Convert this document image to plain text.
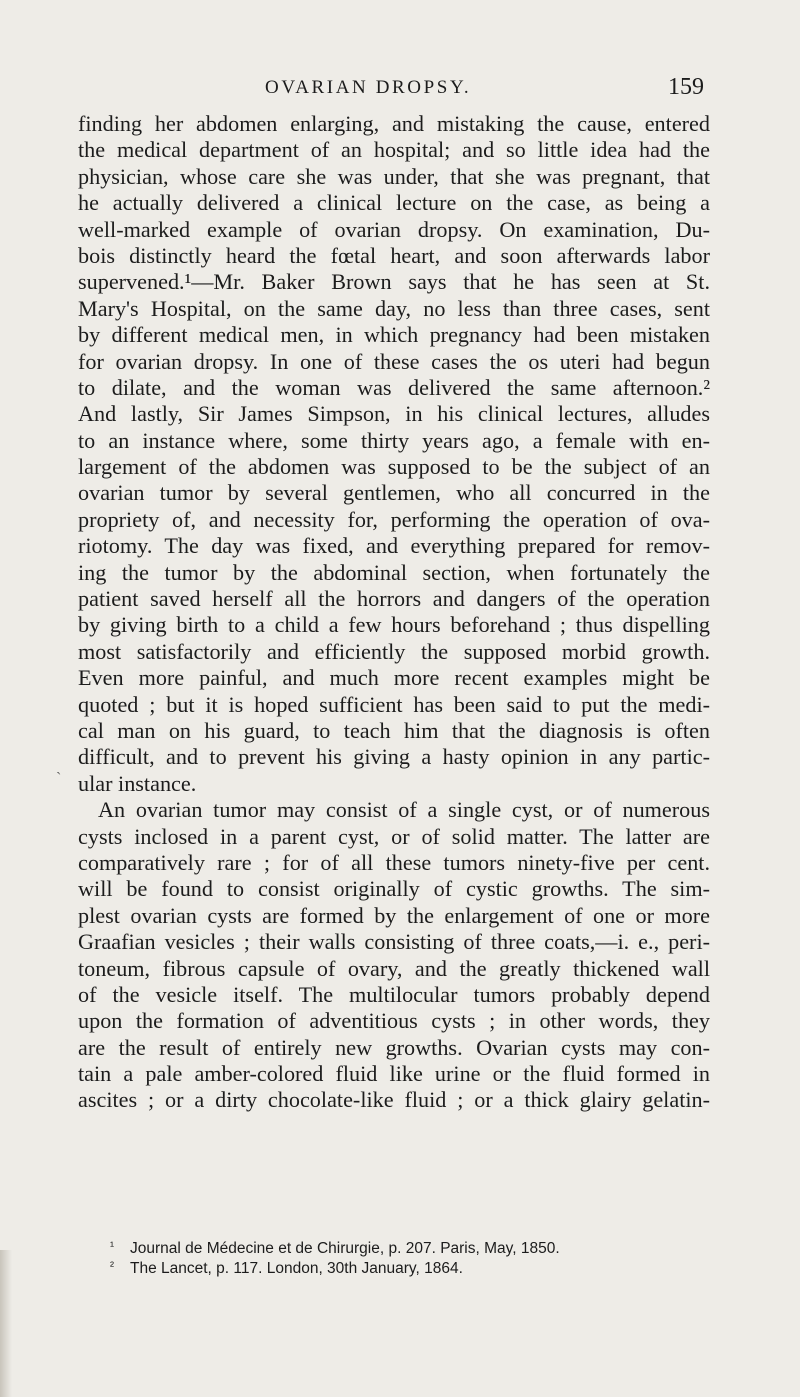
OVARIAN DROPSY.	159
ˎ
finding her abdomen enlarging, and mistaking the cause, entered
the medical department of an hospital; and so little idea had the
physician, whose care she was under, that she was pregnant, that
he actually delivered a clinical lecture on the case, as being a
well-marked example of ovarian dropsy. On examination, Du-
bois distinctly heard the fœtal heart, and soon afterwards labor
supervened.¹—Mr. Baker Brown says that he has seen at St.
Mary's Hospital, on the same day, no less than three cases, sent
by different medical men, in which pregnancy had been mistaken
for ovarian dropsy. In one of these cases the os uteri had begun
to dilate, and the woman was delivered the same afternoon.²
And lastly, Sir James Simpson, in his clinical lectures, alludes
to an instance where, some thirty years ago, a female with en-
largement of the abdomen was supposed to be the subject of an
ovarian tumor by several gentlemen, who all concurred in the
propriety of, and necessity for, performing the operation of ova-
riotomy. The day was fixed, and everything prepared for remov-
ing the tumor by the abdominal section, when fortunately the
patient saved herself all the horrors and dangers of the operation
by giving birth to a child a few hours beforehand ; thus dispelling
most satisfactorily and efficiently the supposed morbid growth.
Even more painful, and much more recent examples might be
quoted ; but it is hoped sufficient has been said to put the medi-
cal man on his guard, to teach him that the diagnosis is often
difficult, and to prevent his giving a hasty opinion in any partic-
ular instance.
An ovarian tumor may consist of a single cyst, or of numerous
cysts inclosed in a parent cyst, or of solid matter. The latter are
comparatively rare ; for of all these tumors ninety-five per cent.
will be found to consist originally of cystic growths. The sim-
plest ovarian cysts are formed by the enlargement of one or more
Graafian vesicles ; their walls consisting of three coats,—i. e., peri-
toneum, fibrous capsule of ovary, and the greatly thickened wall
of the vesicle itself. The multilocular tumors probably depend
upon the formation of adventitious cysts ; in other words, they
are the result of entirely new growths. Ovarian cysts may con-
tain a pale amber-colored fluid like urine or the fluid formed in
ascites ; or a dirty chocolate-like fluid ; or a thick glairy gelatin-
¹ Journal de Médecine et de Chirurgie, p. 207. Paris, May, 1850.
² The Lancet, p. 117. London, 30th January, 1864.
